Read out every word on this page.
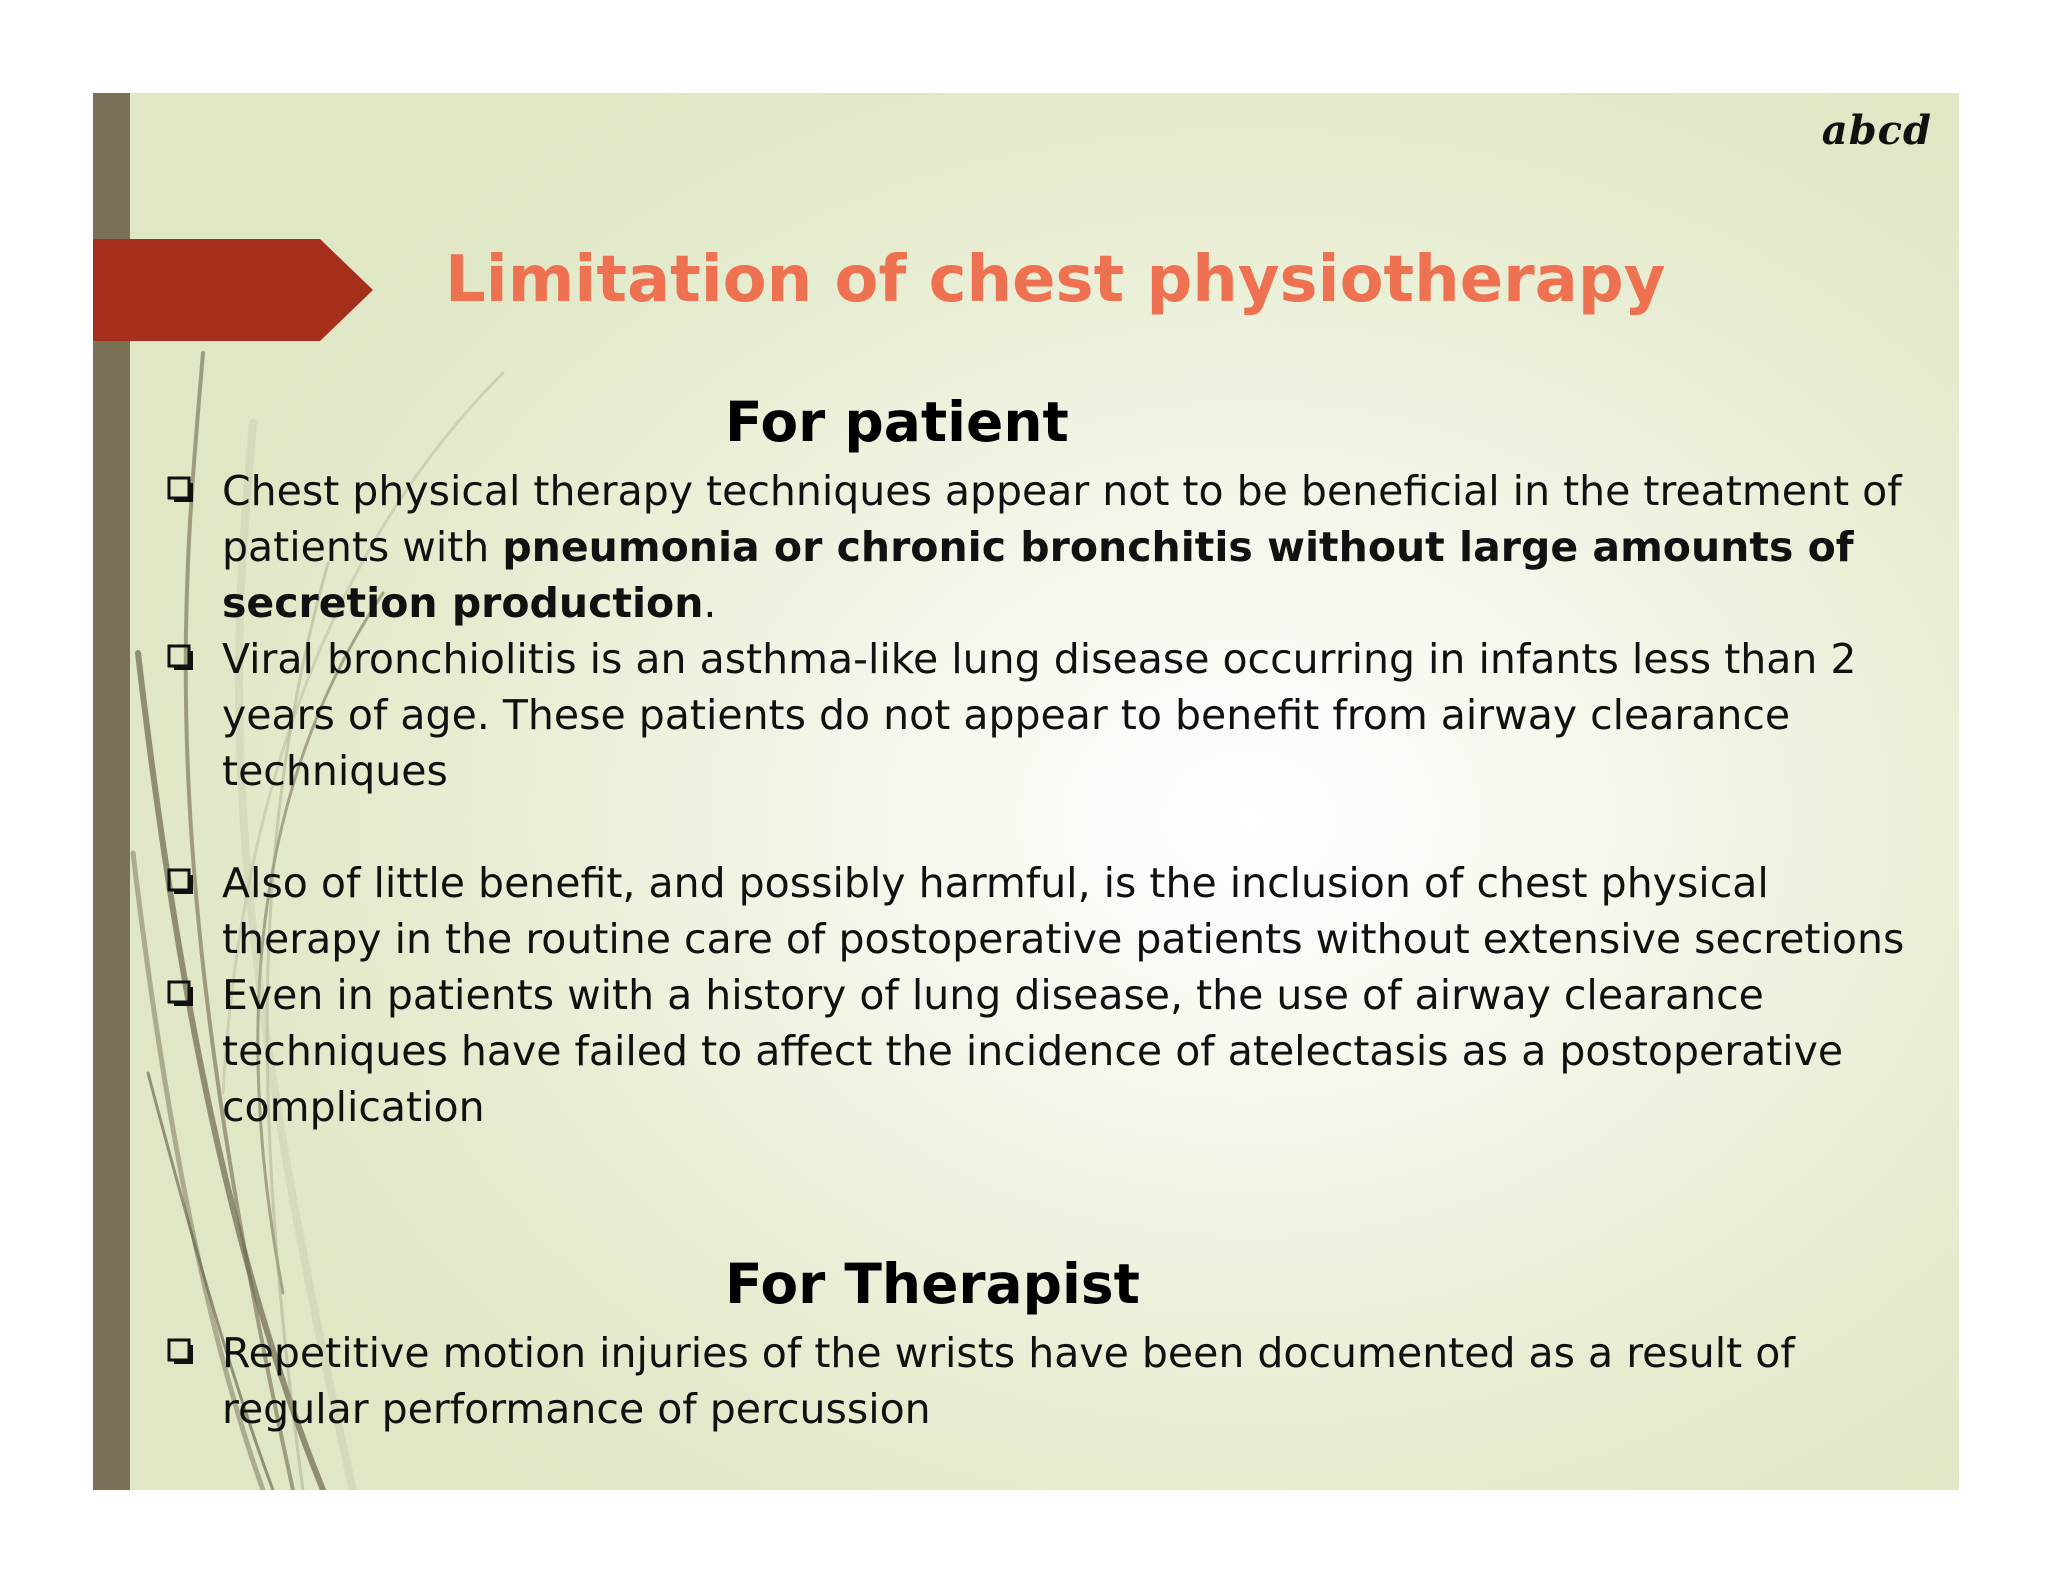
abcd
Limitation of chest physiotherapy
For patient
Chest physical therapy techniques appear not to be beneficial in the treatment of patients with pneumonia or chronic bronchitis without large amounts of secretion production.
Viral bronchiolitis is an asthma-like lung disease occurring in infants less than 2 years of age. These patients do not appear to benefit from airway clearance techniques
Also of little benefit, and possibly harmful, is the inclusion of chest physical therapy in the routine care of postoperative patients without extensive secretions
Even in patients with a history of lung disease, the use of airway clearance techniques have failed to affect the incidence of atelectasis as a postoperative complication
For Therapist
Repetitive motion injuries of the wrists have been documented as a result of regular performance of percussion
